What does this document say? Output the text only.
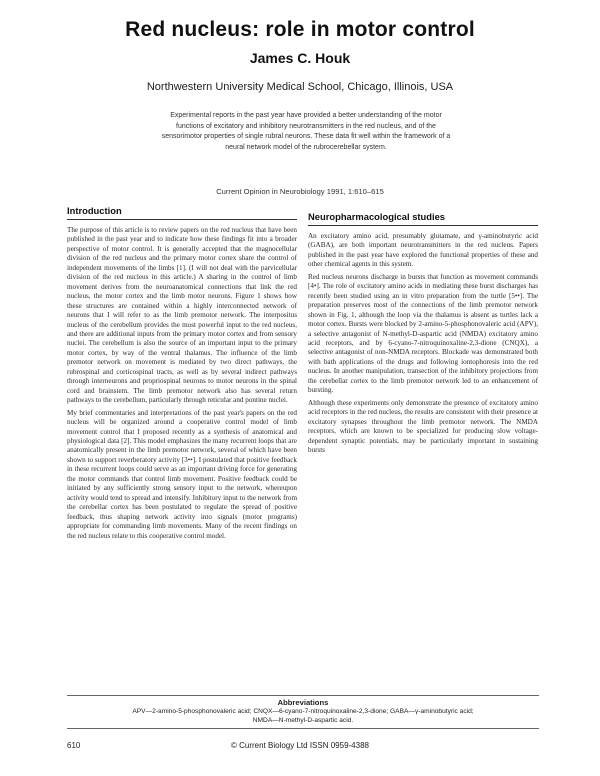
Red nucleus: role in motor control
James C. Houk
Northwestern University Medical School, Chicago, Illinois, USA
Experimental reports in the past year have provided a better understanding of the motor functions of excitatory and inhibitory neurotransmitters in the red nucleus, and of the sensorimotor properties of single rubral neurons. These data fit well within the framework of a neural network model of the rubrocerebellar system.
Current Opinion in Neurobiology 1991, 1:610–615
Introduction

The purpose of this article is to review papers on the red nucleus that have been published in the past year and to indicate how these findings fit into a broader perspective of motor control. It is generally accepted that the magnocellular division of the red nucleus and the primary motor cortex share the control of independent movements of the limbs [1]. (I will not deal with the parvicellular division of the red nucleus in this article.) A sharing in the control of limb movement derives from the neuroanatomical connections that link the red nucleus, the motor cortex and the limb motor neurons. Figure 1 shows how these structures are contained within a highly interconnected network of neurons that I will refer to as the limb premotor network. The interpositus nucleus of the cerebellum provides the most powerful input to the red nucleus, and there are additional inputs from the primary motor cortex and from sensory nuclei. The cerebellum is also the source of an important input to the primary motor cortex, by way of the ventral thalamus. The influence of the limb premotor network on movement is mediated by two direct pathways, the rubrospinal and corticospinal tracts, as well as by several indirect pathways through interneurons and propriospinal neurons to motor neurons in the spinal cord and brainstem. The limb premotor network also has several return pathways to the cerebellum, particularly through reticular and pontine nuclei.

My brief commentaries and interpretations of the past year's papers on the red nucleus will be organized around a cooperative control model of limb movement control that I proposed recently as a synthesis of anatomical and physiological data [2]. This model emphasizes the many recurrent loops that are anatomically present in the limb premotor network, several of which have been shown to support reverberatory activity [3••]. I postulated that positive feedback in these recurrent loops could serve as an important driving force for generating the motor commands that control limb movement. Positive feedback could be initiated by any sufficiently strong sensory input to the network, whereupon activity would tend to spread and intensify. Inhibitory input to the network from the cerebellar cortex has been postulated to regulate the spread of positive feedback, thus shaping network activity into signals (motor programs) appropriate for commanding limb movements. Many of the recent findings on the red nucleus relate to this cooperative control model.

Neuropharmacological studies

An excitatory amino acid, presumably glutamate, and γ-aminobutyric acid (GABA), are both important neurotransmitters in the red nucleus. Papers published in the past year have explored the functional properties of these and other chemical agents in this system.

Red nucleus neurons discharge in bursts that function as movement commands [4•]. The role of excitatory amino acids in mediating these burst discharges has recently been studied using an in vitro preparation from the turtle [5••]. The preparation preserves most of the connections of the limb premotor network shown in Fig. 1, although the loop via the thalamus is absent as turtles lack a motor cortex. Bursts were blocked by 2-amino-5-phosphonovaleric acid (APV), a selective antagonist of N-methyl-D-aspartic acid (NMDA) excitatory amino acid receptors, and by 6-cyano-7-nitroquinoxaline-2,3-dione (CNQX), a selective antagonist of non-NMDA receptors. Blockade was demonstrated both with bath applications of the drugs and following iontophoresis into the red nucleus. In another manipulation, transection of the inhibitory projections from the cerebellar cortex to the limb premotor network led to an enhancement of bursting.

Although these experiments only demonstrate the presence of excitatory amino acid receptors in the red nucleus, the results are consistent with their presence at excitatory synapses throughout the limb premotor network. The NMDA receptors, which are known to be specialized for producing slow voltage-dependent synaptic potentials, may be particularly important in sustaining bursts

Abbreviations
APV—2-amino-5-phosphonovaleric acid; CNQX—6-cyano-7-nitroquinoxaline-2,3-dione; GABA—γ-aminobutyric acid;
NMDA—N-methyl-D-aspartic acid.
610	© Current Biology Ltd ISSN 0959-4388
